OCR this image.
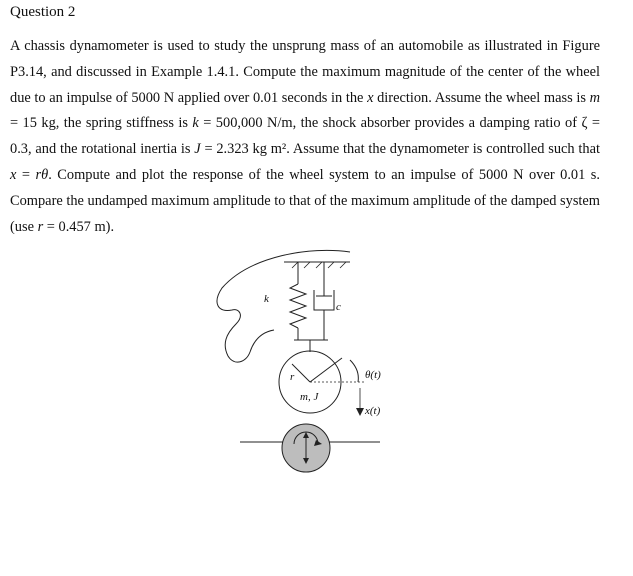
Question 2
A chassis dynamometer is used to study the unsprung mass of an automobile as illustrated in Figure P3.14, and discussed in Example 1.4.1. Compute the maximum magnitude of the center of the wheel due to an impulse of 5000 N applied over 0.01 seconds in the x direction. Assume the wheel mass is m = 15 kg, the spring stiffness is k = 500,000 N/m, the shock absorber provides a damping ratio of ζ = 0.3, and the rotational inertia is J = 2.323 kg m². Assume that the dynamometer is controlled such that x = rθ. Compute and plot the response of the wheel system to an impulse of 5000 N over 0.01 s. Compare the undamped maximum amplitude to that of the maximum amplitude of the damped system (use r = 0.457 m).
k
c
r
m, J
θ(t)
x(t)
